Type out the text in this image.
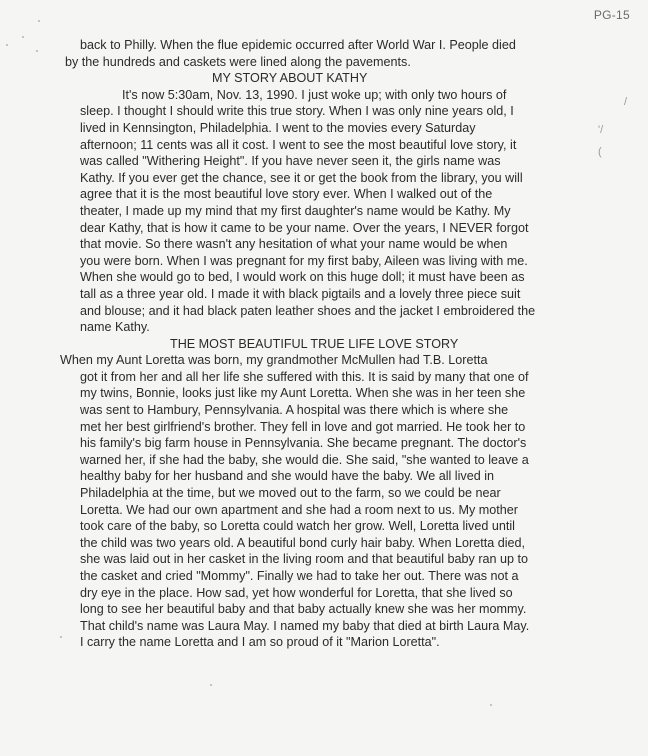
PG-15
/
'/
(
back to Philly. When the flue epidemic occurred after World War I. People died
by the hundreds and caskets were lined along the pavements.
MY STORY ABOUT KATHY
It's now 5:30am, Nov. 13, 1990. I just woke up; with only two hours of
sleep. I thought I should write this true story. When I was only nine years old, I
lived in Kennsington, Philadelphia. I went to the movies every Saturday
afternoon; 11 cents was all it cost. I went to see the most beautiful love story, it
was called "Withering Height". If you have never seen it, the girls name was
Kathy. If you ever get the chance, see it or get the book from the library, you will
agree that it is the most beautiful love story ever. When I walked out of the
theater, I made up my mind that my first daughter's name would be Kathy. My
dear Kathy, that is how it came to be your name. Over the years, I NEVER forgot
that movie. So there wasn't any hesitation of what your name would be when
you were born. When I was pregnant for my first baby, Aileen was living with me.
When she would go to bed, I would work on this huge doll; it must have been as
tall as a three year old. I made it with black pigtails and a lovely three piece suit
and blouse; and it had black paten leather shoes and the jacket I embroidered the
name Kathy.
THE MOST BEAUTIFUL TRUE LIFE LOVE STORY
When my Aunt Loretta was born, my grandmother McMullen had T.B. Loretta
got it from her and all her life she suffered with this. It is said by many that one of
my twins, Bonnie, looks just like my Aunt Loretta. When she was in her teen she
was sent to Hambury, Pennsylvania. A hospital was there which is where she
met her best girlfriend's brother. They fell in love and got married. He took her to
his family's big farm house in Pennsylvania. She became pregnant. The doctor's
warned her, if she had the baby, she would die. She said, "she wanted to leave a
healthy baby for her husband and she would have the baby. We all lived in
Philadelphia at the time, but we moved out to the farm, so we could be near
Loretta. We had our own apartment and she had a room next to us. My mother
took care of the baby, so Loretta could watch her grow. Well, Loretta lived until
the child was two years old. A beautiful bond curly hair baby. When Loretta died,
she was laid out in her casket in the living room and that beautiful baby ran up to
the casket and cried "Mommy". Finally we had to take her out. There was not a
dry eye in the place. How sad, yet how wonderful for Loretta, that she lived so
long to see her beautiful baby and that baby actually knew she was her mommy.
That child's name was Laura May. I named my baby that died at birth Laura May.
I carry the name Loretta and I am so proud of it "Marion Loretta".
